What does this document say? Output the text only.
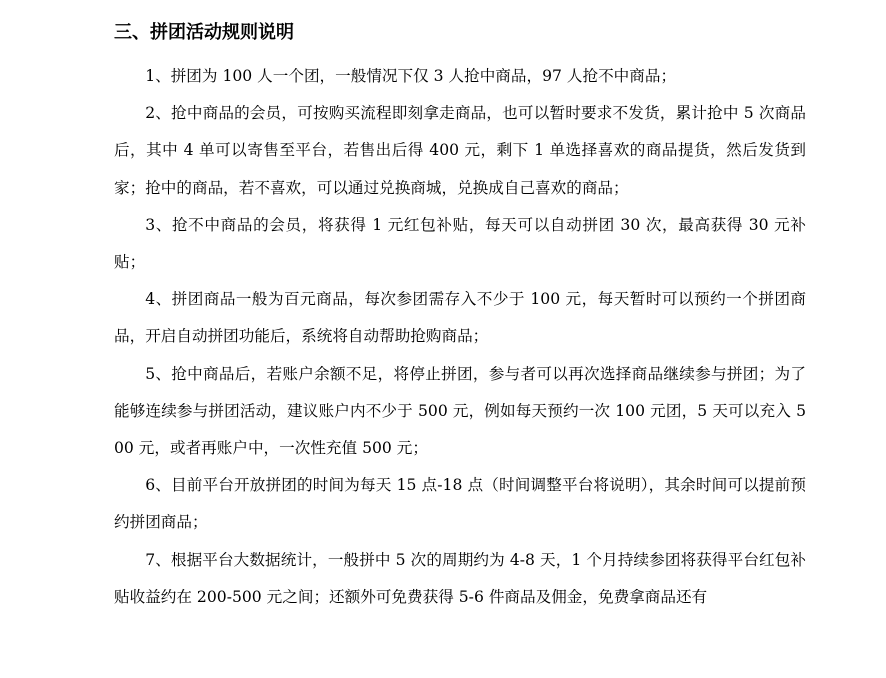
三、拼团活动规则说明

1、拼团为 100 人一个团，一般情况下仅 3 人抢中商品，97 人抢不中商品；

2、抢中商品的会员，可按购买流程即刻拿走商品，也可以暂时要求不发货，累计抢中 5 次商品后，其中 4 单可以寄售至平台，若售出后得 400 元，剩下 1 单选择喜欢的商品提货，然后发货到家；抢中的商品，若不喜欢，可以通过兑换商城，兑换成自己喜欢的商品；

3、抢不中商品的会员，将获得 1 元红包补贴，每天可以自动拼团 30 次，最高获得 30 元补贴；

4、拼团商品一般为百元商品，每次参团需存入不少于 100 元，每天暂时可以预约一个拼团商品，开启自动拼团功能后，系统将自动帮助抢购商品；

5、抢中商品后，若账户余额不足，将停止拼团，参与者可以再次选择商品继续参与拼团；为了能够连续参与拼团活动，建议账户内不少于 500 元，例如每天预约一次 100 元团，5 天可以充入 500 元，或者再账户中，一次性充值 500 元；

6、目前平台开放拼团的时间为每天 15 点-18 点（时间调整平台将说明），其余时间可以提前预约拼团商品；

7、根据平台大数据统计，一般拼中 5 次的周期约为 4-8 天，1 个月持续参团将获得平台红包补贴收益约在 200-500 元之间；还额外可免费获得 5-6 件商品及佣金，免费拿商品还有
